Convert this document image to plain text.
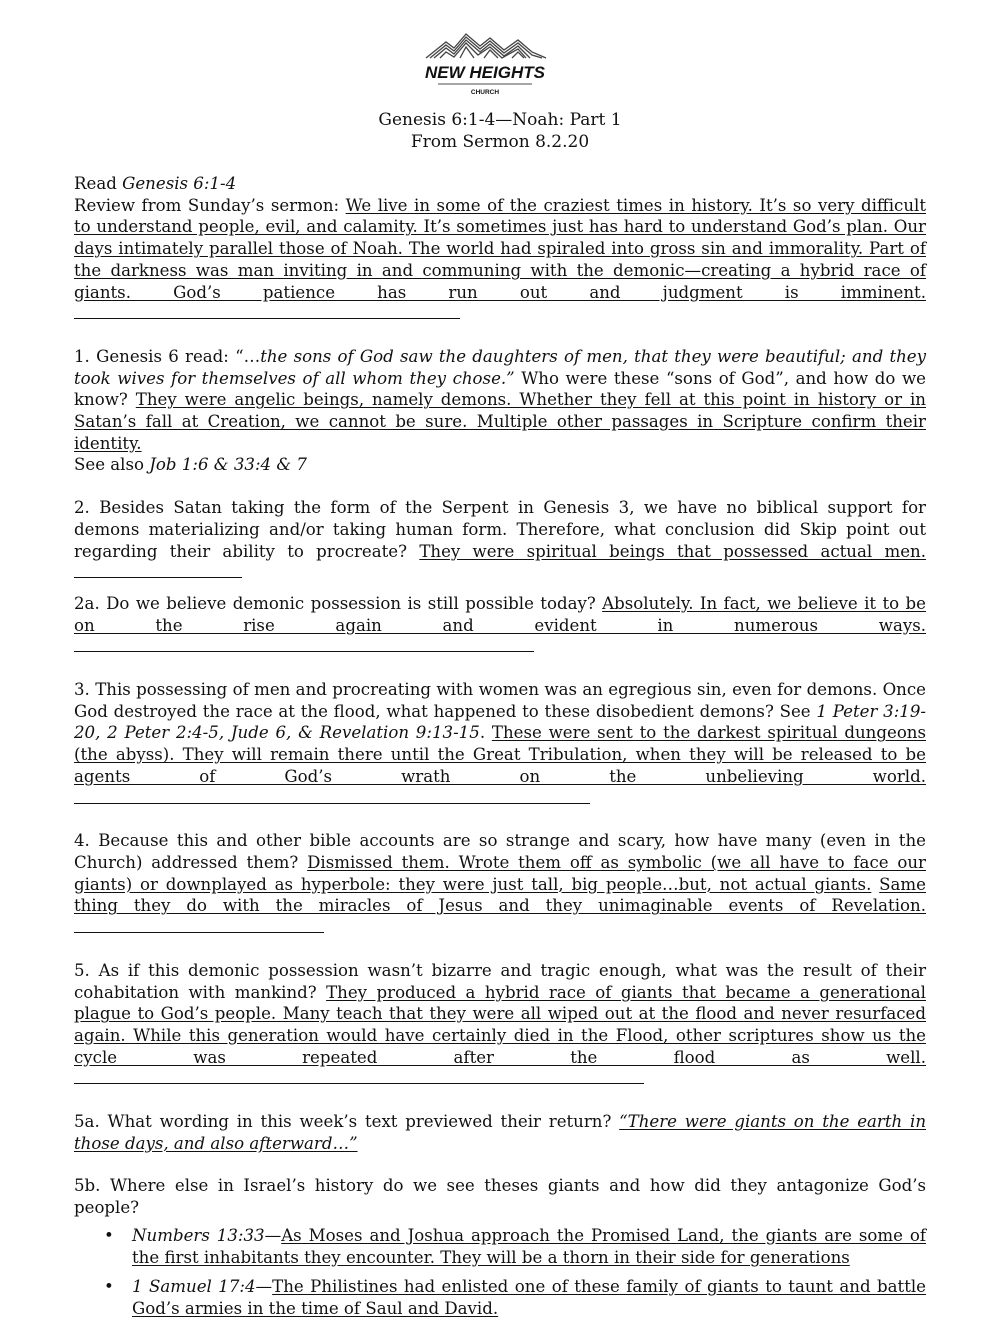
NEW HEIGHTS
CHURCH
Genesis 6:1-4—Noah: Part 1
From Sermon 8.2.20

Read Genesis 6:1-4

Review from Sunday’s sermon: We live in some of the craziest times in history. It’s so very difficult to understand people, evil, and calamity. It’s sometimes just has hard to understand God’s plan. Our days intimately parallel those of Noah. The world had spiraled into gross sin and immorality. Part of the darkness was man inviting in and communing with the demonic—creating a hybrid race of giants. God’s patience has run out and judgment is imminent.

1. Genesis 6 read: “…the sons of God saw the daughters of men, that they were beautiful; and they took wives for themselves of all whom they chose.” Who were these “sons of God”, and how do we know? They were angelic beings, namely demons. Whether they fell at this point in history or in Satan’s fall at Creation, we cannot be sure. Multiple other passages in Scripture confirm their identity.

See also Job 1:6 & 33:4 & 7

2. Besides Satan taking the form of the Serpent in Genesis 3, we have no biblical support for demons materializing and/or taking human form. Therefore, what conclusion did Skip point out regarding their ability to procreate? They were spiritual beings that possessed actual men.

2a. Do we believe demonic possession is still possible today? Absolutely. In fact, we believe it to be on the rise again and evident in numerous ways.

3. This possessing of men and procreating with women was an egregious sin, even for demons. Once God destroyed the race at the flood, what happened to these disobedient demons? See 1 Peter 3:19-20, 2 Peter 2:4-5, Jude 6, & Revelation 9:13-15. These were sent to the darkest spiritual dungeons (the abyss). They will remain there until the Great Tribulation, when they will be released to be agents of God’s wrath on the unbelieving world.

4. Because this and other bible accounts are so strange and scary, how have many (even in the Church) addressed them? Dismissed them. Wrote them off as symbolic (we all have to face our giants) or downplayed as hyperbole: they were just tall, big people…but, not actual giants. Same thing they do with the miracles of Jesus and they unimaginable events of Revelation.

5. As if this demonic possession wasn’t bizarre and tragic enough, what was the result of their cohabitation with mankind? They produced a hybrid race of giants that became a generational plague to God’s people. Many teach that they were all wiped out at the flood and never resurfaced again. While this generation would have certainly died in the Flood, other scriptures show us the cycle was repeated after the flood as well.

5a. What wording in this week’s text previewed their return? “There were giants on the earth in those days, and also afterward…”

5b. Where else in Israel’s history do we see theses giants and how did they antagonize God’s people?

• Numbers 13:33—As Moses and Joshua approach the Promised Land, the giants are some of the first inhabitants they encounter. They will be a thorn in their side for generations
• 1 Samuel 17:4—The Philistines had enlisted one of these family of giants to taunt and battle God’s armies in the time of Saul and David.
